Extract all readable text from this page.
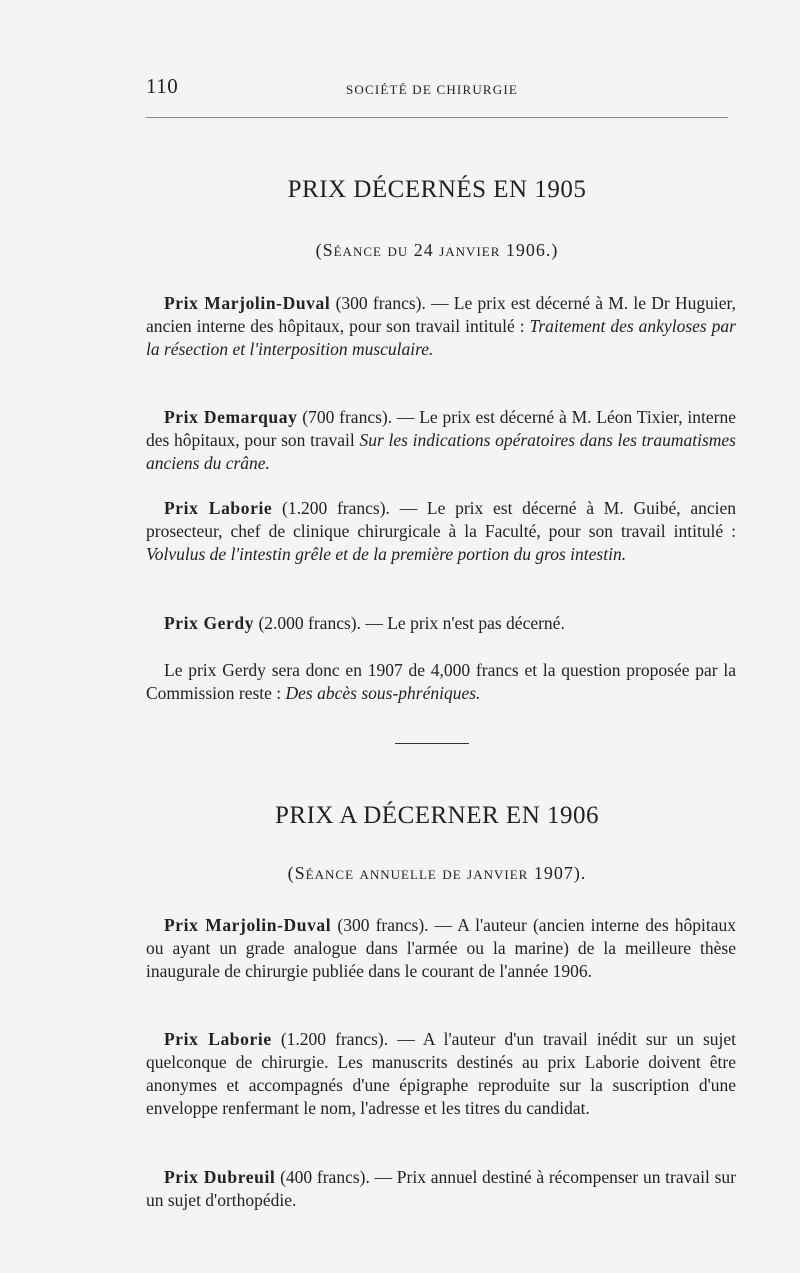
110	SOCIÉTÉ DE CHIRURGIE
PRIX DÉCERNÉS EN 1905
(Séance du 24 janvier 1906.)
Prix Marjolin-Duval (300 francs). — Le prix est décerné à M. le Dr Huguier, ancien interne des hôpitaux, pour son travail intitulé : Traitement des ankyloses par la résection et l'interposition musculaire.
Prix Demarquay (700 francs). — Le prix est décerné à M. Léon Tixier, interne des hôpitaux, pour son travail Sur les indications opératoires dans les traumatismes anciens du crâne.
Prix Laborie (1.200 francs). — Le prix est décerné à M. Guibé, ancien prosecteur, chef de clinique chirurgicale à la Faculté, pour son travail intitulé : Volvulus de l'intestin grêle et de la première portion du gros intestin.
Prix Gerdy (2.000 francs). — Le prix n'est pas décerné.
Le prix Gerdy sera donc en 1907 de 4,000 francs et la question proposée par la Commission reste : Des abcès sous-phréniques.
PRIX A DÉCERNER EN 1906
(Séance annuelle de janvier 1907).
Prix Marjolin-Duval (300 francs). — A l'auteur (ancien interne des hôpitaux ou ayant un grade analogue dans l'armée ou la marine) de la meilleure thèse inaugurale de chirurgie publiée dans le courant de l'année 1906.
Prix Laborie (1.200 francs). — A l'auteur d'un travail inédit sur un sujet quelconque de chirurgie. Les manuscrits destinés au prix Laborie doivent être anonymes et accompagnés d'une épigraphe reproduite sur la suscription d'une enveloppe renfermant le nom, l'adresse et les titres du candidat.
Prix Dubreuil (400 francs). — Prix annuel destiné à récompenser un travail sur un sujet d'orthopédie.
